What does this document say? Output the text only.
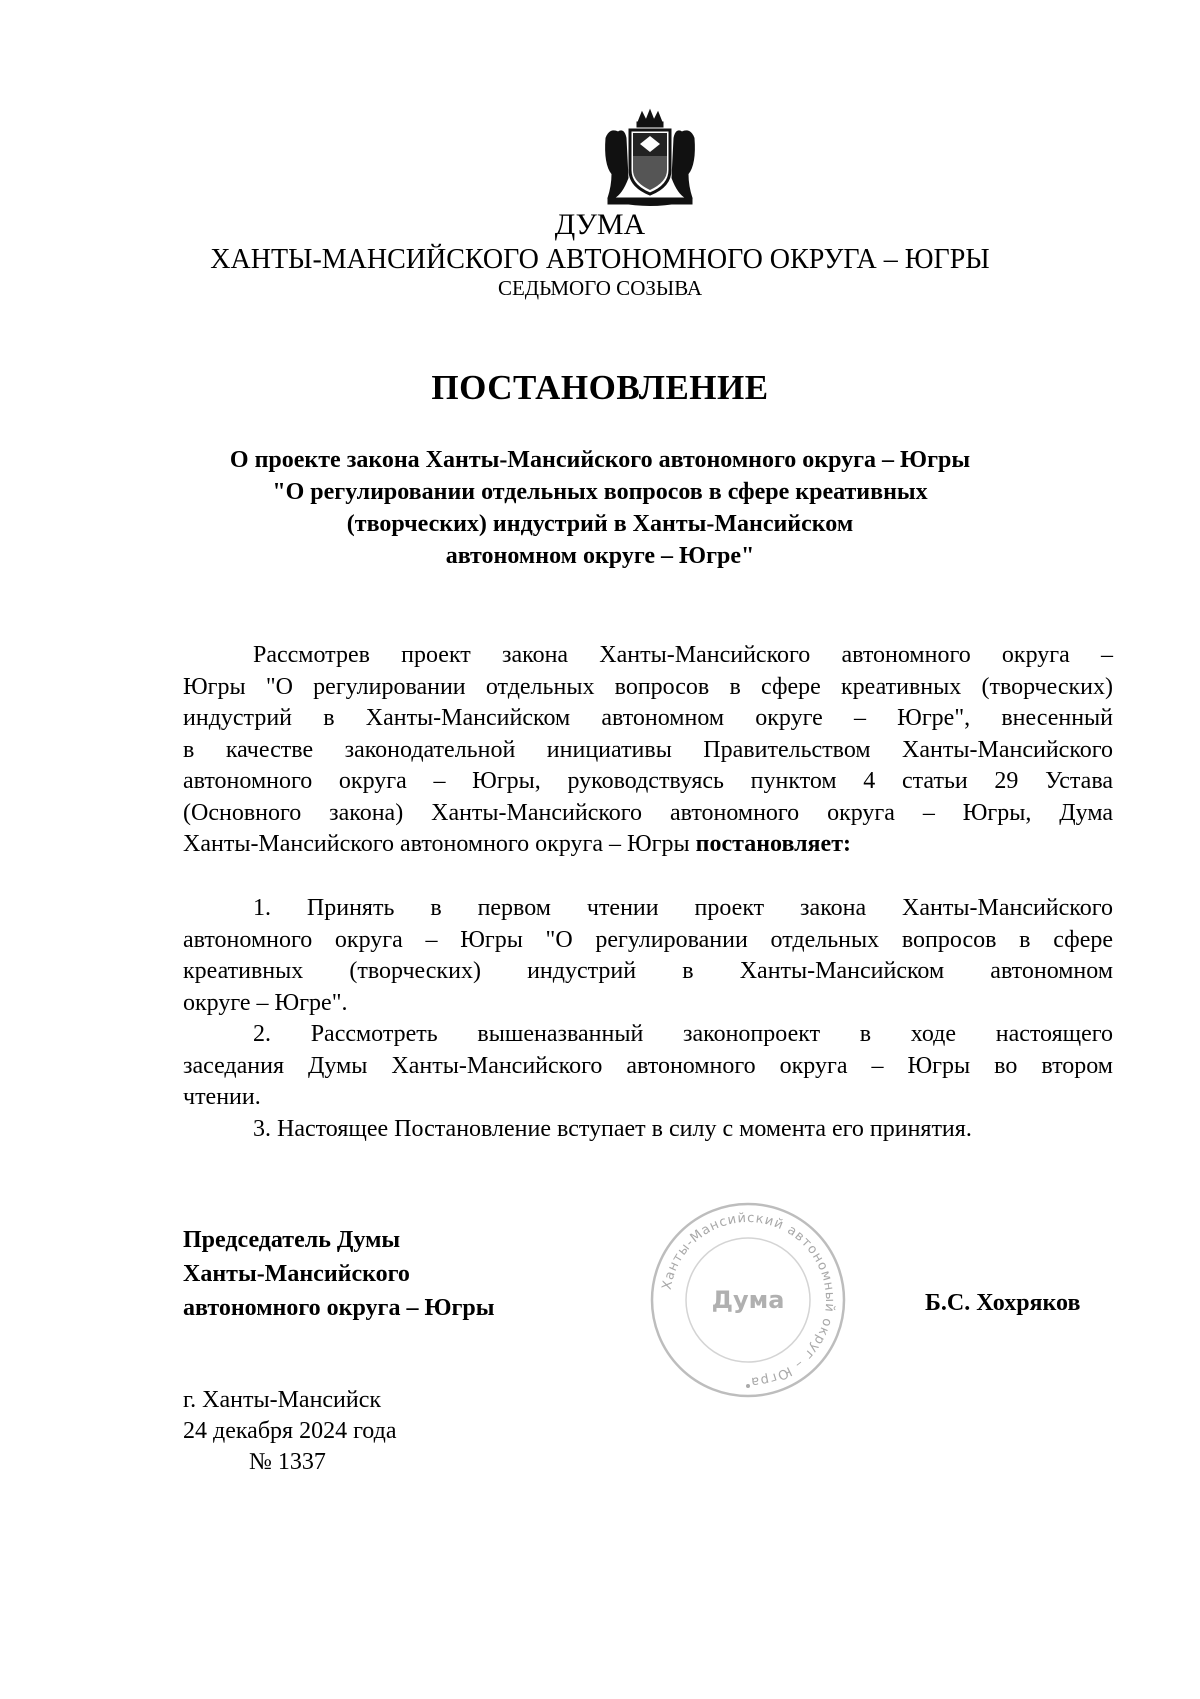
ДУМА
ХАНТЫ-МАНСИЙСКОГО АВТОНОМНОГО ОКРУГА – ЮГРЫ
СЕДЬМОГО СОЗЫВА
ПОСТАНОВЛЕНИЕ
О проекте закона Ханты-Мансийского автономного округа – Югры
"О регулировании отдельных вопросов в сфере креативных
(творческих) индустрий в Ханты-Мансийском
автономном округе – Югре"
Рассмотрев проект закона Ханты-Мансийского автономного округа –
Югры "О регулировании отдельных вопросов в сфере креативных (творческих)
индустрий в Ханты-Мансийском автономном округе – Югре", внесенный
в качестве законодательной инициативы Правительством Ханты-Мансийского
автономного округа – Югры, руководствуясь пунктом 4 статьи 29 Устава
(Основного закона) Ханты-Мансийского автономного округа – Югры, Дума
Ханты-Мансийского автономного округа – Югры постановляет:
1. Принять в первом чтении проект закона Ханты-Мансийского
автономного округа – Югры "О регулировании отдельных вопросов в сфере
креативных (творческих) индустрий в Ханты-Мансийском автономном
округе – Югре".
2. Рассмотреть вышеназванный законопроект в ходе настоящего
заседания Думы Ханты-Мансийского автономного округа – Югры во втором
чтении.
3. Настоящее Постановление вступает в силу с момента его принятия.
Председатель Думы
Ханты-Мансийского
автономного округа – Югры
Ханты-Мансийский автономный округ – Югра
Дума	Б.С. Хохряков
г. Ханты-Мансийск
24 декабря 2024 года
№ 1337
